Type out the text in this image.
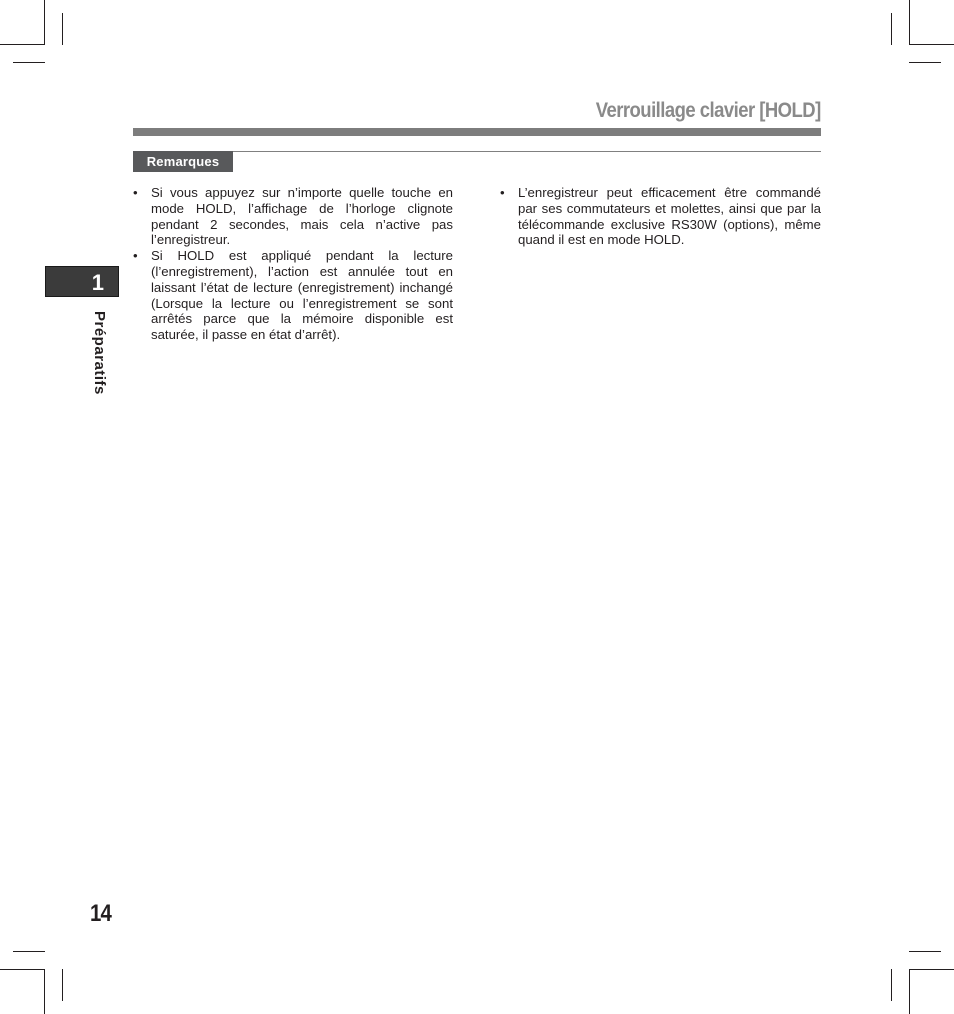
Verrouillage clavier [HOLD]
Remarques
•	Si vous appuyez sur n’importe quelle touche en mode HOLD, l’affichage de l’horloge clignote pendant 2 secondes, mais cela n’active pas l’enregistreur.
•	Si HOLD est appliqué pendant la lecture (l’enregistrement), l’action est annulée tout en laissant l’état de lecture (enregistrement) inchangé (Lorsque la lecture ou l’enregistrement se sont arrêtés parce que la mémoire disponible est saturée, il passe en état d’arrêt).
•	L’enregistreur peut efficacement être commandé par ses commutateurs et molettes, ainsi que par la télécommande exclusive RS30W (options), même quand il est en mode HOLD.
1

Préparatifs

14
